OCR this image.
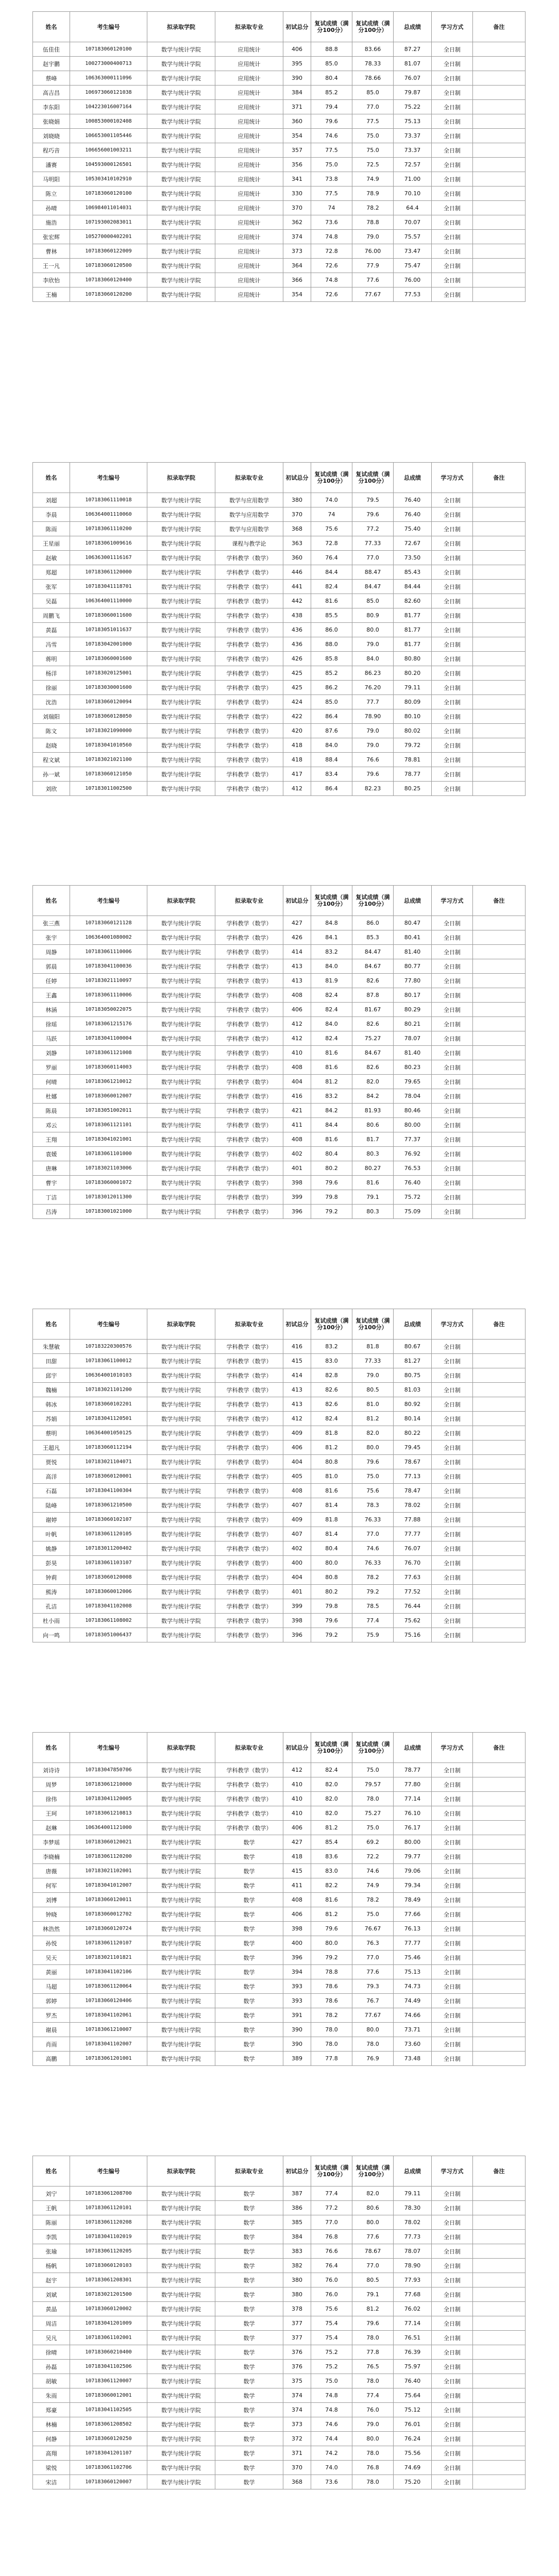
姓名	考生编号	拟录取学院	拟录取专业	初试总分	复试成绩（满分100分）	复试成绩（满分100分）	总成绩	学习方式	备注
伍佳佳	107183060120100	数学与统计学院	应用统计	406	88.8	83.66	87.27	全日制	
赵宇鹏	100273000400713	数学与统计学院	应用统计	395	85.0	78.33	81.07	全日制	
蔡峰	106363000111096	数学与统计学院	应用统计	390	80.4	78.66	76.07	全日制	
高吉昌	106973060121038	数学与统计学院	应用统计	384	85.2	85.0	79.87	全日制	
李东阳	104223016007164	数学与统计学院	应用统计	371	79.4	77.0	75.22	全日制	
张晓娟	100853000102408	数学与统计学院	应用统计	360	79.6	77.5	75.13	全日制	
刘晓晓	106653001105446	数学与统计学院	应用统计	354	74.6	75.0	73.37	全日制	
程巧音	106656001003211	数学与统计学院	应用统计	357	77.5	75.0	73.37	全日制	
潘赛	104593000126501	数学与统计学院	应用统计	356	75.0	72.5	72.57	全日制	
马明阳	105303410102910	数学与统计学院	应用统计	341	73.8	74.9	71.00	全日制	
陈立	107183060120100	数学与统计学院	应用统计	330	77.5	78.9	70.10	全日制	
孙晴	106984011014031	数学与统计学院	应用统计	370	74	78.2	64.4	全日制	
施浩	107193002083011	数学与统计学院	应用统计	362	73.6	78.8	70.07	全日制	
张宏辉	105270000402201	数学与统计学院	应用统计	374	74.8	79.0	75.57	全日制	
曹林	107183060122009	数学与统计学院	应用统计	373	72.8	76.00	73.47	全日制	
王一凡	107183060120500	数学与统计学院	应用统计	364	72.6	77.9	75.47	全日制	
李欣怡	107183060120400	数学与统计学院	应用统计	366	74.8	77.6	76.00	全日制	
王楠	107183060120200	数学与统计学院	应用统计	354	72.6	77.67	77.53	全日制	
姓名	考生编号	拟录取学院	拟录取专业	初试总分	复试成绩（满分100分）	复试成绩（满分100分）	总成绩	学习方式	备注
刘超	107183061110018	数学与统计学院	数学与应用数学	380	74.0	79.5	76.40	全日制	
李晨	106364001110060	数学与统计学院	数学与应用数学	370	74	79.6	76.40	全日制	
陈雨	107183061110200	数学与统计学院	数学与应用数学	368	75.6	77.2	75.40	全日制	
王星丽	107183061009616	数学与统计学院	课程与教学论	363	72.8	77.33	72.67	全日制	
赵敏	106363001116167	数学与统计学院	学科教学（数学）	360	76.4	77.0	73.50	全日制	
郑超	107183061120000	数学与统计学院	学科教学（数学）	446	84.4	88.47	85.43	全日制	
张军	107183041118701	数学与统计学院	学科教学（数学）	441	82.4	84.47	84.44	全日制	
吴磊	106364001110000	数学与统计学院	学科教学（数学）	442	81.6	85.0	82.60	全日制	
周鹏飞	107183060011600	数学与统计学院	学科教学（数学）	438	85.5	80.9	81.77	全日制	
黄磊	107183051011637	数学与统计学院	学科教学（数学）	436	86.0	80.0	81.77	全日制	
冯雪	107183042001000	数学与统计学院	学科教学（数学）	436	88.0	79.0	81.77	全日制	
蒋明	107183060001600	数学与统计学院	学科教学（数学）	426	85.8	84.0	80.80	全日制	
杨洋	107183020125001	数学与统计学院	学科教学（数学）	425	85.2	86.23	80.20	全日制	
徐丽	107183030001600	数学与统计学院	学科教学（数学）	425	86.2	76.20	79.11	全日制	
沈浩	107183060120094	数学与统计学院	学科教学（数学）	424	85.0	77.7	80.09	全日制	
刘瑞阳	107183060128050	数学与统计学院	学科教学（数学）	422	86.4	78.90	80.10	全日制	
陈文	107183021090000	数学与统计学院	学科教学（数学）	420	87.6	79.0	80.02	全日制	
赵晓	107183041010560	数学与统计学院	学科教学（数学）	418	84.0	79.0	79.72	全日制	
程文斌	107183021021100	数学与统计学院	学科教学（数学）	418	88.4	76.6	78.81	全日制	
孙一斌	107183060121050	数学与统计学院	学科教学（数学）	417	83.4	79.6	78.77	全日制	
刘欣	107183011002500	数学与统计学院	学科教学（数学）	412	86.4	82.23	80.25	全日制	
姓名	考生编号	拟录取学院	拟录取专业	初试总分	复试成绩（满分100分）	复试成绩（满分100分）	总成绩	学习方式	备注
张三燕	107183060121128	数学与统计学院	学科教学（数学）	427	84.8	86.0	80.47	全日制	
张宇	106364001080002	数学与统计学院	学科教学（数学）	426	84.1	85.3	80.41	全日制	
周静	107183061110006	数学与统计学院	学科教学（数学）	414	83.2	84.47	81.40	全日制	
郭晨	107183041100036	数学与统计学院	学科教学（数学）	413	84.0	84.67	80.77	全日制	
任婷	107183021110097	数学与统计学院	学科教学（数学）	413	81.9	82.6	77.80	全日制	
王鑫	107183061110006	数学与统计学院	学科教学（数学）	408	82.4	87.8	80.17	全日制	
林涵	107183050022075	数学与统计学院	学科教学（数学）	406	82.4	81.67	80.29	全日制	
徐瑶	107183061215176	数学与统计学院	学科教学（数学）	412	84.0	82.6	80.21	全日制	
马跃	107183041100004	数学与统计学院	学科教学（数学）	412	82.4	75.27	78.07	全日制	
刘静	107183061121008	数学与统计学院	学科教学（数学）	410	81.6	84.67	81.40	全日制	
罗丽	107183060114003	数学与统计学院	学科教学（数学）	408	81.6	82.6	80.23	全日制	
何晴	107183061210012	数学与统计学院	学科教学（数学）	404	81.2	82.0	79.65	全日制	
杜娜	107183060012007	数学与统计学院	学科教学（数学）	416	83.2	84.2	78.04	全日制	
陈晨	107183051002011	数学与统计学院	学科教学（数学）	421	84.2	81.93	80.46	全日制	
邓云	107183061121101	数学与统计学院	学科教学（数学）	411	84.4	80.6	80.00	全日制	
王翔	107183041021001	数学与统计学院	学科教学（数学）	408	81.6	81.7	77.37	全日制	
袁媛	107183061101000	数学与统计学院	学科教学（数学）	402	80.4	80.3	76.92	全日制	
唐琳	107183021103006	数学与统计学院	学科教学（数学）	401	80.2	80.27	76.53	全日制	
曹宇	107183060001072	数学与统计学院	学科教学（数学）	398	79.6	81.6	76.40	全日制	
丁洁	107183012011300	数学与统计学院	学科教学（数学）	399	79.8	79.1	75.72	全日制	
吕涛	107183001021000	数学与统计学院	学科教学（数学）	396	79.2	80.3	75.09	全日制	
姓名	考生编号	拟录取学院	拟录取专业	初试总分	复试成绩（满分100分）	复试成绩（满分100分）	总成绩	学习方式	备注
朱慧敏	107183220300576	数学与统计学院	学科教学（数学）	416	83.2	81.8	80.67	全日制	
田甜	107183061100012	数学与统计学院	学科教学（数学）	415	83.0	77.33	81.27	全日制	
邱宇	106364001010103	数学与统计学院	学科教学（数学）	414	82.8	79.0	80.75	全日制	
魏楠	107183021101200	数学与统计学院	学科教学（数学）	413	82.6	80.5	81.03	全日制	
韩冰	107183060102201	数学与统计学院	学科教学（数学）	413	82.6	81.0	80.92	全日制	
苏娟	107183041120501	数学与统计学院	学科教学（数学）	412	82.4	81.2	80.14	全日制	
蔡明	106364001050125	数学与统计学院	学科教学（数学）	409	81.8	82.0	80.22	全日制	
王超凡	107183060112194	数学与统计学院	学科教学（数学）	406	81.2	80.0	79.45	全日制	
贾悦	107183021104071	数学与统计学院	学科教学（数学）	404	80.8	79.6	78.67	全日制	
高洋	107183060120001	数学与统计学院	学科教学（数学）	405	81.0	75.0	77.13	全日制	
石磊	107183041100304	数学与统计学院	学科教学（数学）	408	81.6	75.6	78.47	全日制	
陆峰	107183061210500	数学与统计学院	学科教学（数学）	407	81.4	78.3	78.02	全日制	
谢婷	107183060102107	数学与统计学院	学科教学（数学）	409	81.8	76.33	77.88	全日制	
叶帆	107183061120105	数学与统计学院	学科教学（数学）	407	81.4	77.0	77.77	全日制	
姚静	107183011200402	数学与统计学院	学科教学（数学）	402	80.4	74.6	76.07	全日制	
彭昊	107183061103107	数学与统计学院	学科教学（数学）	400	80.0	76.33	76.70	全日制	
钟莉	107183060120008	数学与统计学院	学科教学（数学）	404	80.8	78.2	77.63	全日制	
熊涛	107183060012006	数学与统计学院	学科教学（数学）	401	80.2	79.2	77.52	全日制	
孔洁	107183041102008	数学与统计学院	学科教学（数学）	399	79.8	78.5	76.44	全日制	
杜小雨	107183061108002	数学与统计学院	学科教学（数学）	398	79.6	77.4	75.62	全日制	
向一鸣	107183051006437	数学与统计学院	学科教学（数学）	396	79.2	75.9	75.16	全日制	
姓名	考生编号	拟录取学院	拟录取专业	初试总分	复试成绩（满分100分）	复试成绩（满分100分）	总成绩	学习方式	备注
刘诗诗	107183047850706	数学与统计学院	学科教学（数学）	412	82.4	75.0	78.77	全日制	
周梦	107183061210000	数学与统计学院	学科教学（数学）	410	82.0	79.57	77.80	全日制	
徐伟	107183041120005	数学与统计学院	学科教学（数学）	410	82.0	78.0	77.14	全日制	
王珂	107183061210813	数学与统计学院	学科教学（数学）	410	82.0	75.27	76.10	全日制	
赵琳	106364001121000	数学与统计学院	学科教学（数学）	406	81.2	75.0	76.17	全日制	
李梦瑶	107183060120021	数学与统计学院	数学	427	85.4	69.2	80.00	全日制	
李晓楠	107183061120200	数学与统计学院	数学	418	83.6	72.2	79.77	全日制	
唐薇	107183021102001	数学与统计学院	数学	415	83.0	74.6	79.06	全日制	
何军	107183041012007	数学与统计学院	数学	411	82.2	74.9	79.34	全日制	
刘博	107183060120011	数学与统计学院	数学	408	81.6	78.2	78.49	全日制	
钟晓	107183060012702	数学与统计学院	数学	406	81.2	75.0	77.66	全日制	
林浩然	107183060120724	数学与统计学院	数学	398	79.6	76.67	76.13	全日制	
孙悦	107183061120107	数学与统计学院	数学	400	80.0	76.3	77.77	全日制	
吴天	107183021101821	数学与统计学院	数学	396	79.2	77.0	75.46	全日制	
黄丽	107183041102106	数学与统计学院	数学	394	78.8	77.6	75.13	全日制	
马超	107183061120064	数学与统计学院	数学	393	78.6	79.3	74.73	全日制	
郭婷	107183060120406	数学与统计学院	数学	393	78.6	76.7	74.49	全日制	
罗杰	107183041102061	数学与统计学院	数学	391	78.2	77.67	74.66	全日制	
谢晨	107183061210007	数学与统计学院	数学	390	78.0	80.0	73.71	全日制	
肖雨	107183041102007	数学与统计学院	数学	390	78.0	78.0	73.60	全日制	
高鹏	107183061201001	数学与统计学院	数学	389	77.8	76.9	73.48	全日制	
姓名	考生编号	拟录取学院	拟录取专业	初试总分	复试成绩（满分100分）	复试成绩（满分100分）	总成绩	学习方式	备注
刘宁	107183061208700	数学与统计学院	数学	387	77.4	82.0	79.11	全日制	
王帆	107183061120101	数学与统计学院	数学	386	77.2	80.6	78.30	全日制	
陈丽	107183061120208	数学与统计学院	数学	385	77.0	80.0	78.02	全日制	
李凯	107183041102019	数学与统计学院	数学	384	76.8	77.6	77.73	全日制	
张瑜	107183061120205	数学与统计学院	数学	383	76.6	78.67	78.07	全日制	
杨帆	107183060120103	数学与统计学院	数学	382	76.4	77.0	78.90	全日制	
赵宇	107183061208301	数学与统计学院	数学	380	76.0	80.5	77.93	全日制	
刘斌	107183021201500	数学与统计学院	数学	380	76.0	79.1	77.68	全日制	
黄晶	107183060120002	数学与统计学院	数学	378	75.6	81.2	76.02	全日制	
周洁	107183041201009	数学与统计学院	数学	377	75.4	79.6	77.14	全日制	
吴凡	107183061102001	数学与统计学院	数学	377	75.4	78.0	76.51	全日制	
徐晴	107183060210400	数学与统计学院	数学	376	75.2	77.8	76.39	全日制	
孙磊	107183041102506	数学与统计学院	数学	376	75.2	76.5	75.97	全日制	
胡敏	107183061120007	数学与统计学院	数学	375	75.0	78.0	76.40	全日制	
朱雨	107183060012001	数学与统计学院	数学	374	74.8	77.4	75.64	全日制	
郑豪	107183041102505	数学与统计学院	数学	374	74.8	76.0	75.12	全日制	
林楠	107183061208502	数学与统计学院	数学	373	74.6	79.0	76.01	全日制	
何静	107183060120250	数学与统计学院	数学	372	74.4	80.0	76.24	全日制	
高翔	107183041201107	数学与统计学院	数学	371	74.2	78.0	75.56	全日制	
梁悦	107183061102706	数学与统计学院	数学	370	74.0	76.8	74.69	全日制	
宋洁	107183060120007	数学与统计学院	数学	368	73.6	78.0	75.20	全日制	
